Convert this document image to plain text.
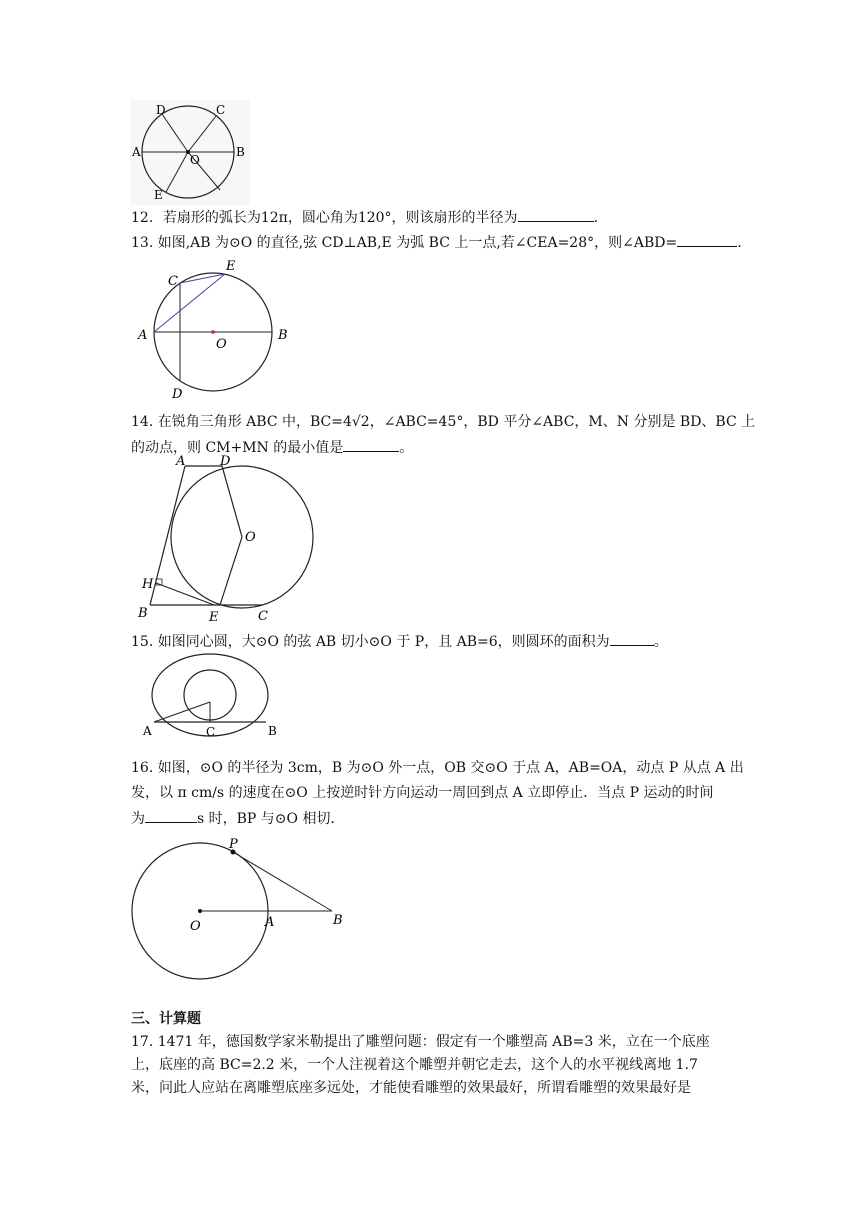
D	C
A	B
O
E
12．若扇形的弧长为12π，圆心角为120°，则该扇形的半径为	.
13. 如图,AB 为⊙O 的直径,弦 CD⊥AB,E 为弧 BC 上一点,若∠CEA=28°，则∠ABD=	.
C
E
A
O
B
D
14. 在锐角三角形 ABC 中，BC=4√2，∠ABC=45°，BD 平分∠ABC，M、N 分别是 BD、BC 上
的动点，则 CM+MN 的最小值是	。
A	D
O
H
B	E	C
15. 如图同心圆，大⊙O 的弦 AB 切小⊙O 于 P，且 AB=6，则圆环的面积为	。
A	C	B
16. 如图，⊙O 的半径为 3cm，B 为⊙O 外一点，OB 交⊙O 于点 A，AB=OA，动点 P 从点 A 出
发，以 π cm/s 的速度在⊙O 上按逆时针方向运动一周回到点 A 立即停止．当点 P 运动的时间
为	s 时，BP 与⊙O 相切．
P
O	A	B
三、计算题
17. 1471 年，德国数学家米勒提出了雕塑问题：假定有一个雕塑高 AB=3 米，立在一个底座
上，底座的高 BC=2.2 米，一个人注视着这个雕塑并朝它走去，这个人的水平视线离地 1.7
米，问此人应站在离雕塑底座多远处，才能使看雕塑的效果最好，所谓看雕塑的效果最好是
